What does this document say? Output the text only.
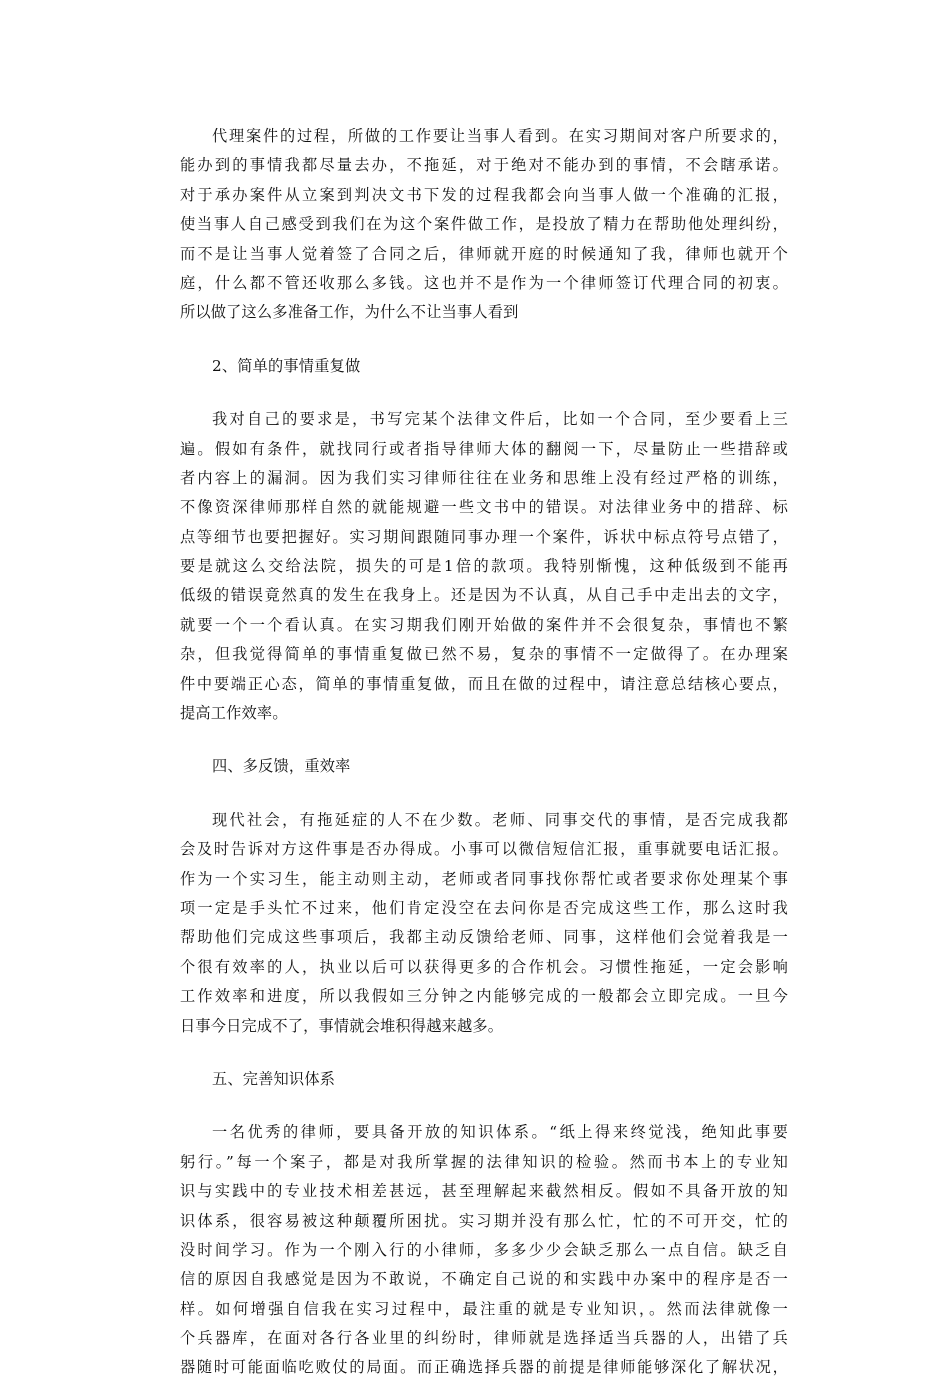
代理案件的过程，所做的工作要让当事人看到。在实习期间对客户所要求的，
能办到的事情我都尽量去办，不拖延，对于绝对不能办到的事情，不会瞎承诺。
对于承办案件从立案到判决文书下发的过程我都会向当事人做一个准确的汇报，
使当事人自己感受到我们在为这个案件做工作，是投放了精力在帮助他处理纠纷，
而不是让当事人觉着签了合同之后，律师就开庭的时候通知了我，律师也就开个
庭，什么都不管还收那么多钱。这也并不是作为一个律师签订代理合同的初衷。
所以做了这么多准备工作，为什么不让当事人看到
2、简单的事情重复做
我对自己的要求是，书写完某个法律文件后，比如一个合同，至少要看上三
遍。假如有条件，就找同行或者指导律师大体的翻阅一下，尽量防止一些措辞或
者内容上的漏洞。因为我们实习律师往往在业务和思维上没有经过严格的训练，
不像资深律师那样自然的就能规避一些文书中的错误。对法律业务中的措辞、标
点等细节也要把握好。实习期间跟随同事办理一个案件，诉状中标点符号点错了，
要是就这么交给法院，损失的可是1倍的款项。我特别惭愧，这种低级到不能再
低级的错误竟然真的发生在我身上。还是因为不认真，从自己手中走出去的文字，
就要一个一个看认真。在实习期我们刚开始做的案件并不会很复杂，事情也不繁
杂，但我觉得简单的事情重复做已然不易，复杂的事情不一定做得了。在办理案
件中要端正心态，简单的事情重复做，而且在做的过程中，请注意总结核心要点，
提高工作效率。
四、多反馈，重效率
现代社会，有拖延症的人不在少数。老师、同事交代的事情，是否完成我都
会及时告诉对方这件事是否办得成。小事可以微信短信汇报，重事就要电话汇报。
作为一个实习生，能主动则主动，老师或者同事找你帮忙或者要求你处理某个事
项一定是手头忙不过来，他们肯定没空在去问你是否完成这些工作，那么这时我
帮助他们完成这些事项后，我都主动反馈给老师、同事，这样他们会觉着我是一
个很有效率的人，执业以后可以获得更多的合作机会。习惯性拖延，一定会影响
工作效率和进度，所以我假如三分钟之内能够完成的一般都会立即完成。一旦今
日事今日完成不了，事情就会堆积得越来越多。
五、完善知识体系
一名优秀的律师，要具备开放的知识体系。“纸上得来终觉浅，绝知此事要
躬行。”每一个案子，都是对我所掌握的法律知识的检验。然而书本上的专业知
识与实践中的专业技术相差甚远，甚至理解起来截然相反。假如不具备开放的知
识体系，很容易被这种颠覆所困扰。实习期并没有那么忙，忙的不可开交，忙的
没时间学习。作为一个刚入行的小律师，多多少少会缺乏那么一点自信。缺乏自
信的原因自我感觉是因为不敢说，不确定自己说的和实践中办案中的程序是否一
样。如何增强自信我在实习过程中，最注重的就是专业知识，。然而法律就像一
个兵器库，在面对各行各业里的纠纷时，律师就是选择适当兵器的人，出错了兵
器随时可能面临吃败仗的局面。而正确选择兵器的前提是律师能够深化了解状况，
